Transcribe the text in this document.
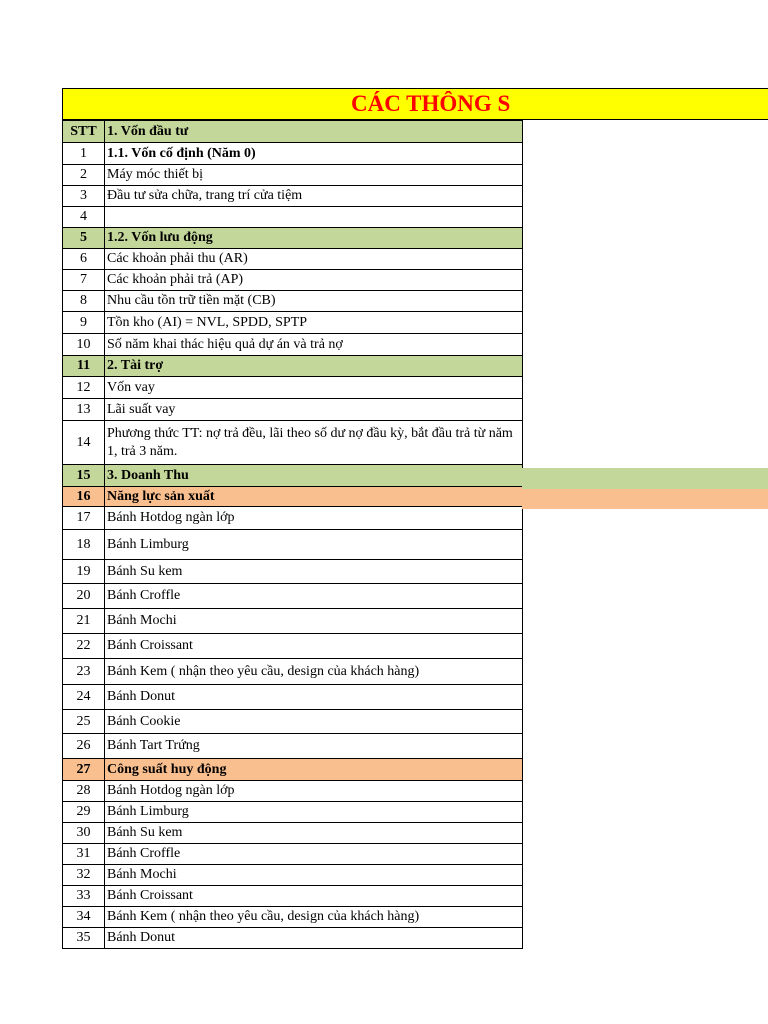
CÁC THÔNG S
STT	1. Vốn đầu tư
1	1.1. Vốn cố định (Năm 0)
2	Máy móc thiết bị
3	Đầu tư sửa chữa, trang trí cửa tiệm
4	
5	1.2. Vốn lưu động
6	Các khoản phải thu (AR)
7	Các khoản phải trả (AP)
8	Nhu cầu tồn trữ tiền mặt (CB)
9	Tồn kho (AI) = NVL, SPDD, SPTP
10	Số năm khai thác hiệu quả dự án và trả nợ
11	2. Tài trợ
12	Vốn vay
13	Lãi suất vay
14	Phương thức TT: nợ trả đều, lãi theo số dư nợ đầu kỳ, bắt đầu trả từ năm 1, trả 3 năm.
15	3. Doanh Thu
16	Năng lực sản xuất
17	Bánh Hotdog ngàn lớp
18	Bánh Limburg
19	Bánh Su kem
20	Bánh Croffle
21	Bánh Mochi
22	Bánh Croissant
23	Bánh Kem ( nhận theo yêu cầu, design của khách hàng)
24	Bánh Donut
25	Bánh Cookie
26	Bánh Tart Trứng
27	Công suất huy động
28	Bánh Hotdog ngàn lớp
29	Bánh Limburg
30	Bánh Su kem
31	Bánh Croffle
32	Bánh Mochi
33	Bánh Croissant
34	Bánh Kem ( nhận theo yêu cầu, design của khách hàng)
35	Bánh Donut
